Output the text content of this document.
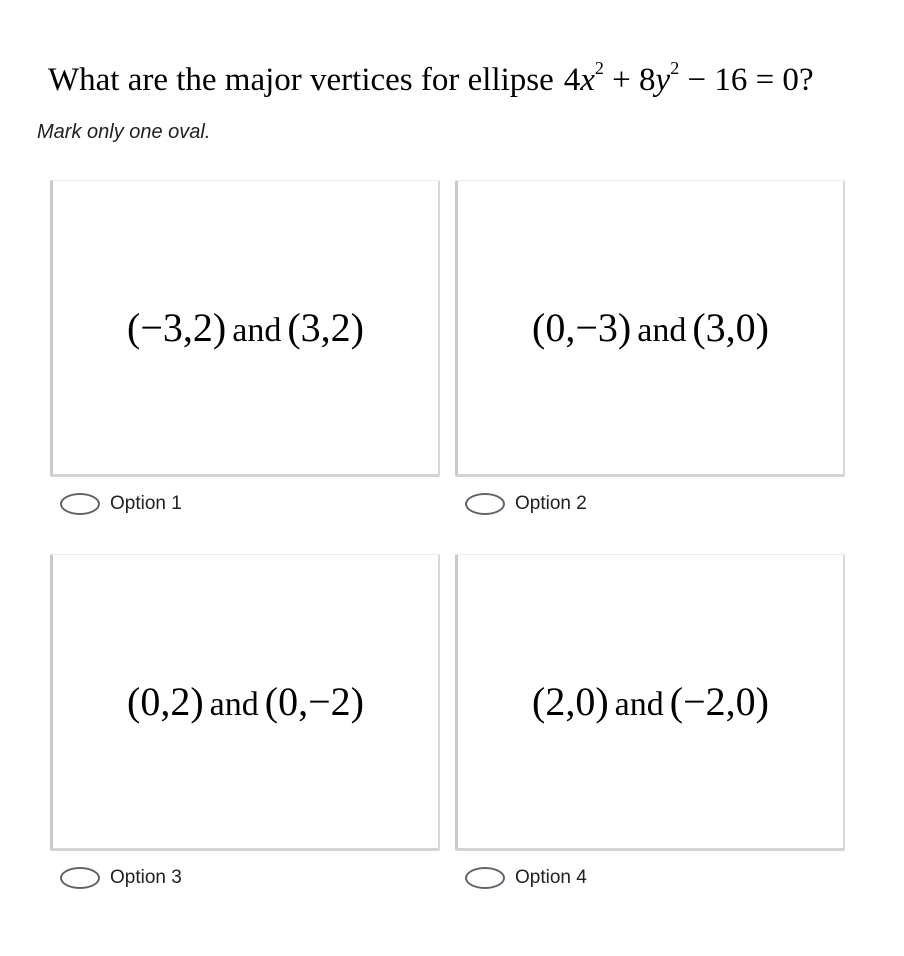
What are the major vertices for ellipse $4x^2 + 8y^2 - 16 = 0$?
Mark only one oval.
(−3,2) and (3,2)
Option 1
(0,−3) and (3,0)
Option 2
(0,2) and (0,−2)
Option 3
(2,0) and (−2,0)
Option 4
